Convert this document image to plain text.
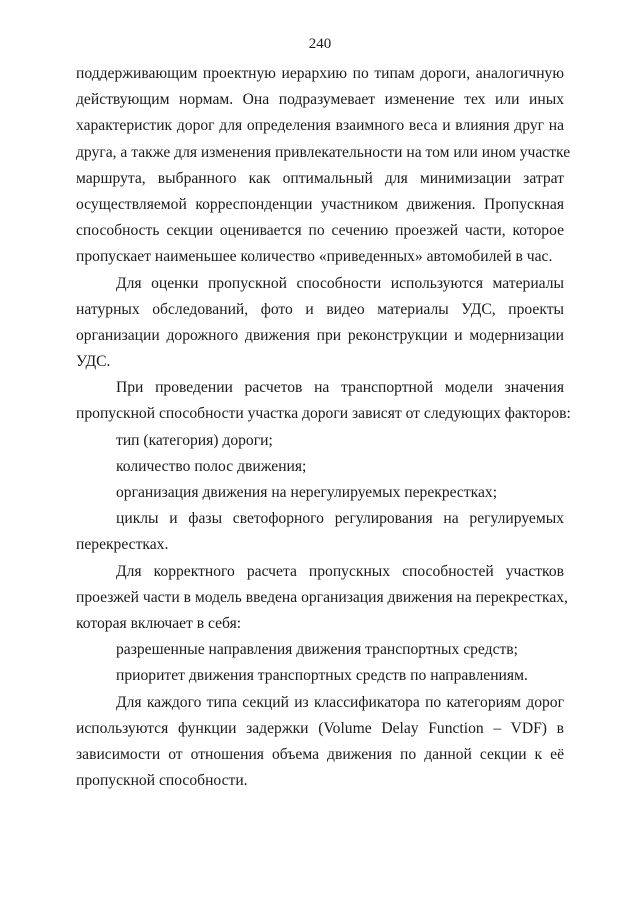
240
поддерживающим проектную иерархию по типам дороги, аналогичную
действующим нормам. Она подразумевает изменение тех или иных
характеристик дорог для определения взаимного веса и влияния друг на
друга, а также для изменения привлекательности на том или ином участке
маршрута, выбранного как оптимальный для минимизации затрат
осуществляемой корреспонденции участником движения. Пропускная
способность секции оценивается по сечению проезжей части, которое
пропускает наименьшее количество «приведенных» автомобилей в час.
Для оценки пропускной способности используются материалы
натурных обследований, фото и видео материалы УДС, проекты
организации дорожного движения при реконструкции и модернизации
УДС.
При проведении расчетов на транспортной модели значения
пропускной способности участка дороги зависят от следующих факторов:
тип (категория) дороги;
количество полос движения;
организация движения на нерегулируемых перекрестках;
циклы и фазы светофорного регулирования на регулируемых
перекрестках.
Для корректного расчета пропускных способностей участков
проезжей части в модель введена организация движения на перекрестках,
которая включает в себя:
разрешенные направления движения транспортных средств;
приоритет движения транспортных средств по направлениям.
Для каждого типа секций из классификатора по категориям дорог
используются функции задержки (Volume Delay Function – VDF) в
зависимости от отношения объема движения по данной секции к её
пропускной способности.
